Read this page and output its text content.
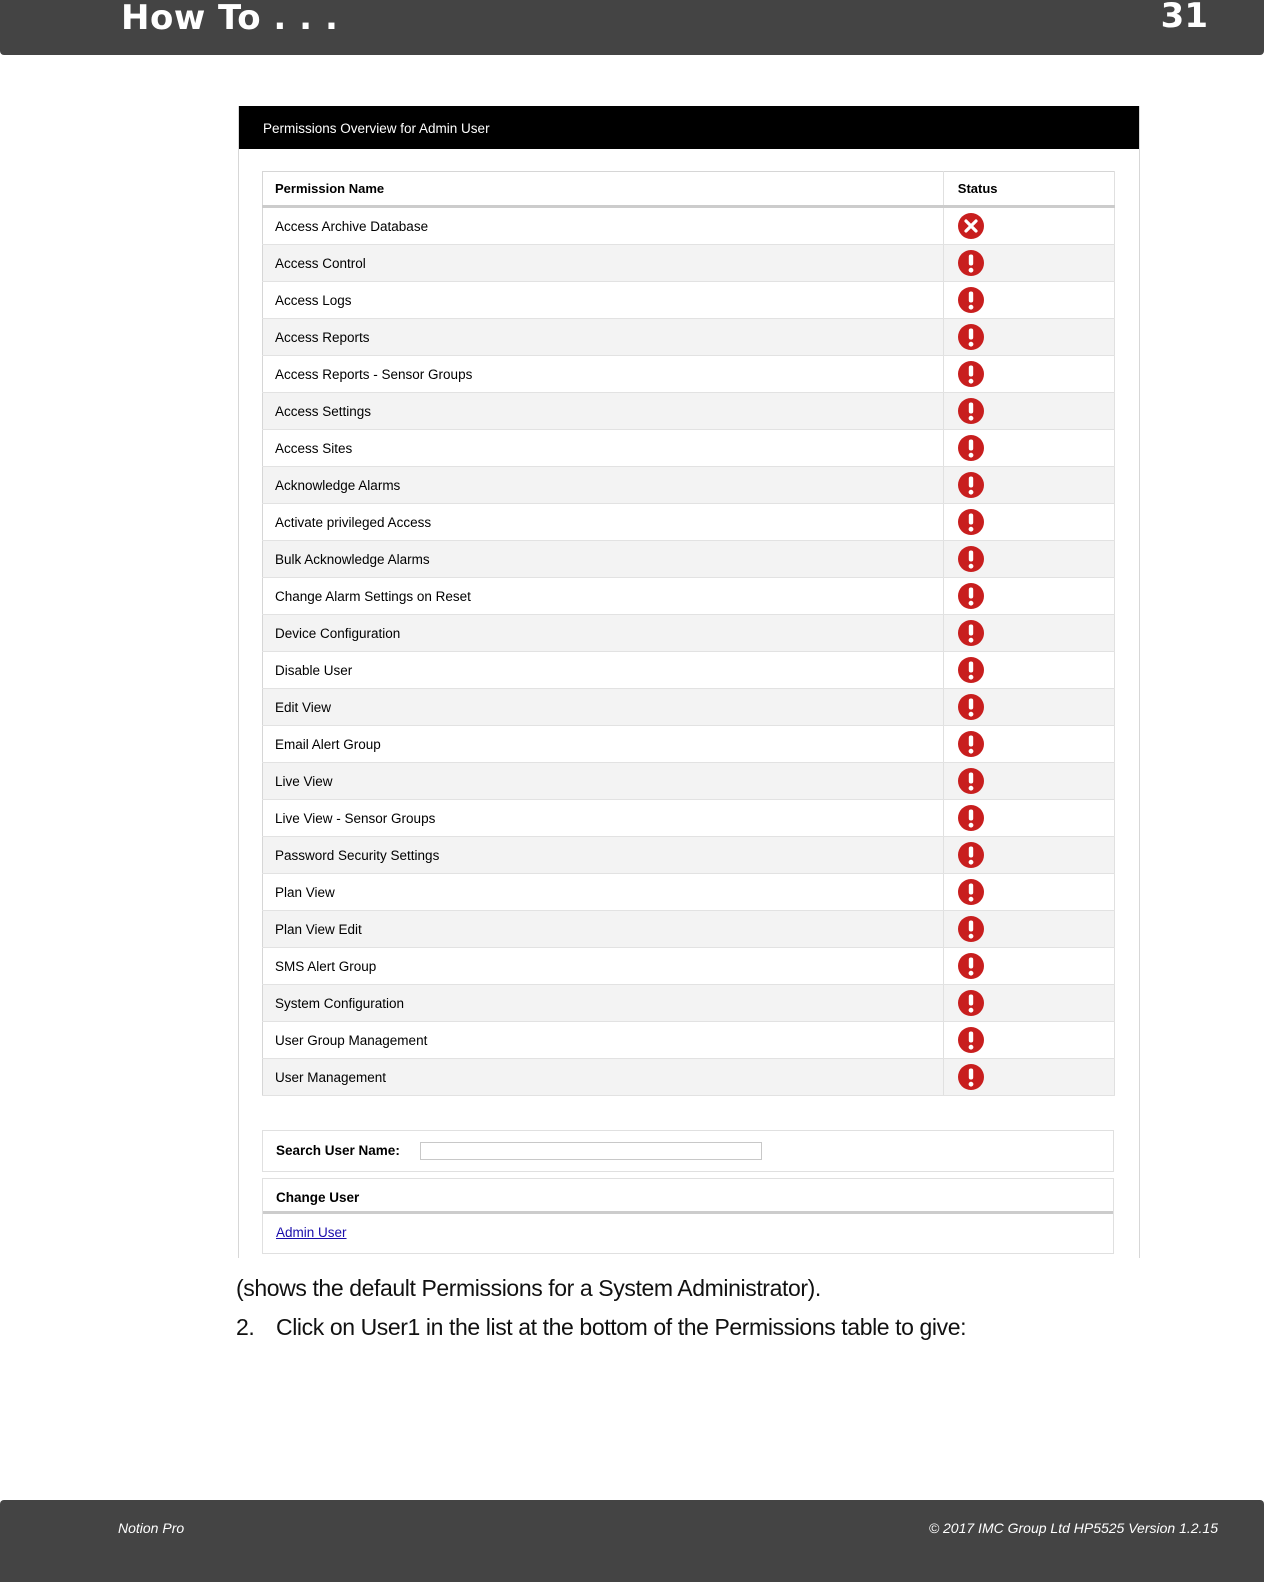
How To . . .	31
Permissions Overview for Admin User
Permission Name	Status
Access Archive Database	

Access Control	

Access Logs	

Access Reports	

Access Reports - Sensor Groups	

Access Settings	

Access Sites	

Acknowledge Alarms	

Activate privileged Access	

Bulk Acknowledge Alarms	

Change Alarm Settings on Reset	

Device Configuration	

Disable User	

Edit View	

Email Alert Group	

Live View	

Live View - Sensor Groups	

Password Security Settings	

Plan View	

Plan View Edit	

SMS Alert Group	

System Configuration	

User Group Management	

User Management	
Search User Name:
Change User
Admin User
(shows the default Permissions for a System Administrator).
2. Click on User1 in the list at the bottom of the Permissions table to give:
Notion Pro	© 2017 IMC Group Ltd HP5525 Version 1.2.15
